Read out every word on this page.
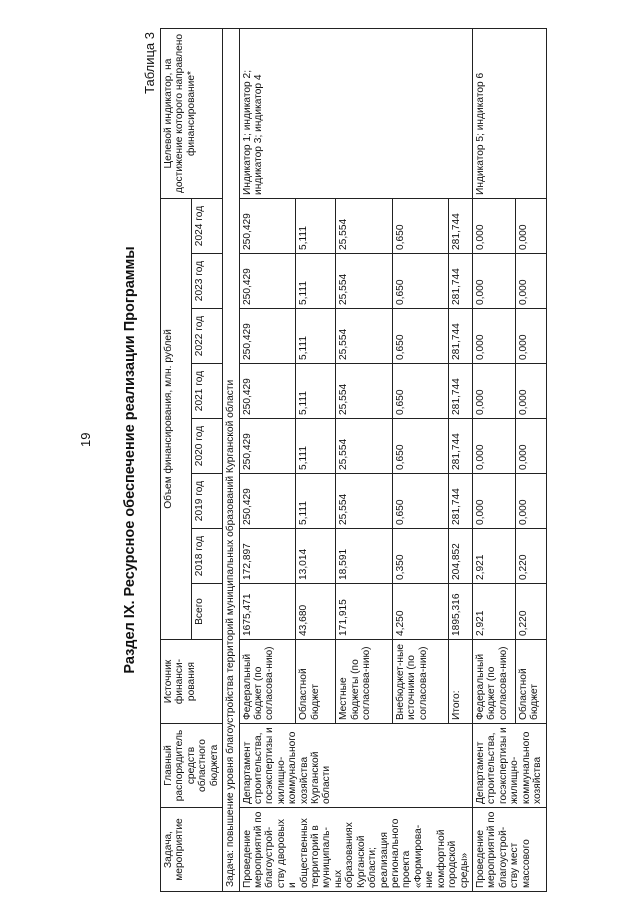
19 Раздел IX. Ресурсное обеспечение реализации Программы
Таблица 3
Задача, мероприятие	Главный распорядитель средств областного бюджета	Источник финанси-рования	Объем финансирования, млн. рублей								Целевой индикатор, на достижение которого направлено финансирование*
			Всего	2018 год	2019 год	2020 год	2021 год	2022 год	2023 год	2024 год	
Задача: повышение уровня благоустройства территорий муниципальных образований Курганской области											
Проведение мероприятий по благоустрой-ству дворовых и общественных территорий в муниципаль-ных образованиях Курганской области; реализация регионального проекта «Формирова-ние комфортной городской среды»	Департамент строительства, госэкспертизы и жилищно-коммунального хозяйства Курганской области	Федеральный бюджет (по согласова-нию)	1675,471	172,897	250,429	250,429	250,429	250,429	250,429	250,429	Индикатор 1; индикатор 2; индикатор 3; индикатор 4
		Областной бюджет	43,680	13,014	5,111	5,111	5,111	5,111	5,111	5,111	
		Местные бюджеты (по согласова-нию)	171,915	18,591	25,554	25,554	25,554	25,554	25,554	25,554	
		Внебюджет-ные источники (по согласова-нию)	4,250	0,350	0,650	0,650	0,650	0,650	0,650	0,650	
		Итого:	1895,316	204,852	281,744	281,744	281,744	281,744	281,744	281,744	
Проведение мероприятий по благоустрой-ству мест массового	Департамент строительства, госэкспертизы и жилищно-коммунального хозяйства	Федеральный бюджет (по согласова-нию)	2,921	2,921	0,000	0,000	0,000	0,000	0,000	0,000	Индикатор 5; индикатор 6
		Областной бюджет	0,220	0,220	0,000	0,000	0,000	0,000	0,000	0,000	
